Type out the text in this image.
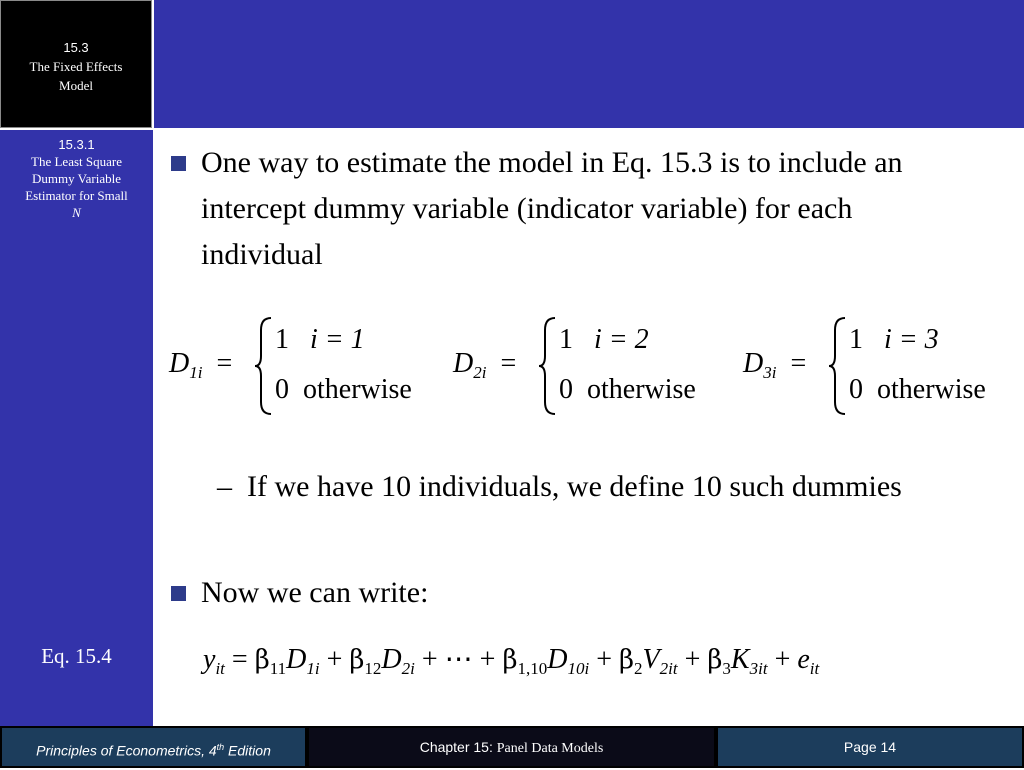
15.3
The Fixed Effects
Model
15.3.1
The Least Square
Dummy Variable
Estimator for Small
N
Eq. 15.4
One way to estimate the model in Eq. 15.3 is to include an intercept dummy variable (indicator variable) for each individual
$D_{1i}$  =
1 i = 1
0 otherwise
$D_{2i}$  =
1 i = 2
0 otherwise
$D_{3i}$  =
1 i = 3
0 otherwise
– If we have 10 individuals, we define 10 such dummies
Now we can write:
$y_{it} = \beta_{11}D_{1i} + \beta_{12}D_{2i}$ + ⋯ + $\beta_{1,10}D_{10i} + \beta_2V_{2it} + \beta_3K_{3it} + e_{it}$
Principles of Econometrics, 4th Edition	Chapter 15: Panel Data Models	Page 14
